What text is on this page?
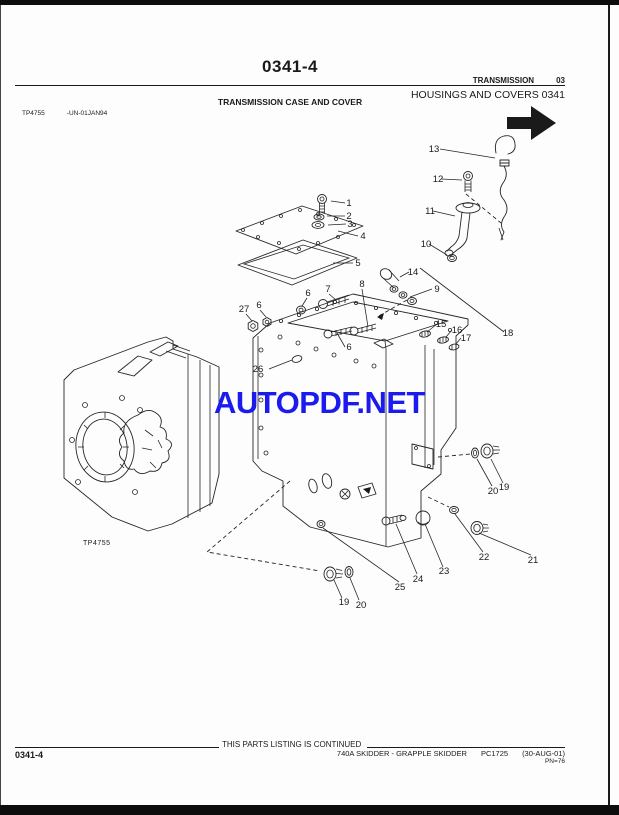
0341-4
TRANSMISSION	03
HOUSINGS AND COVERS 0341
TRANSMISSION CASE AND COVER
TP4755	-UN-01JAN94
1
2
3
4
5
6 7	8
27 6
6
26
9
10
11
12
13
14
15
16
17	18
19
20
21
22
23
24
25
19 20
AUTOPDF.NET
TP4755
THIS PARTS LISTING IS CONTINUED
0341-4	740A SKIDDER - GRAPPLE SKIDDER PC1725 (30-AUG-01)
PN=76
